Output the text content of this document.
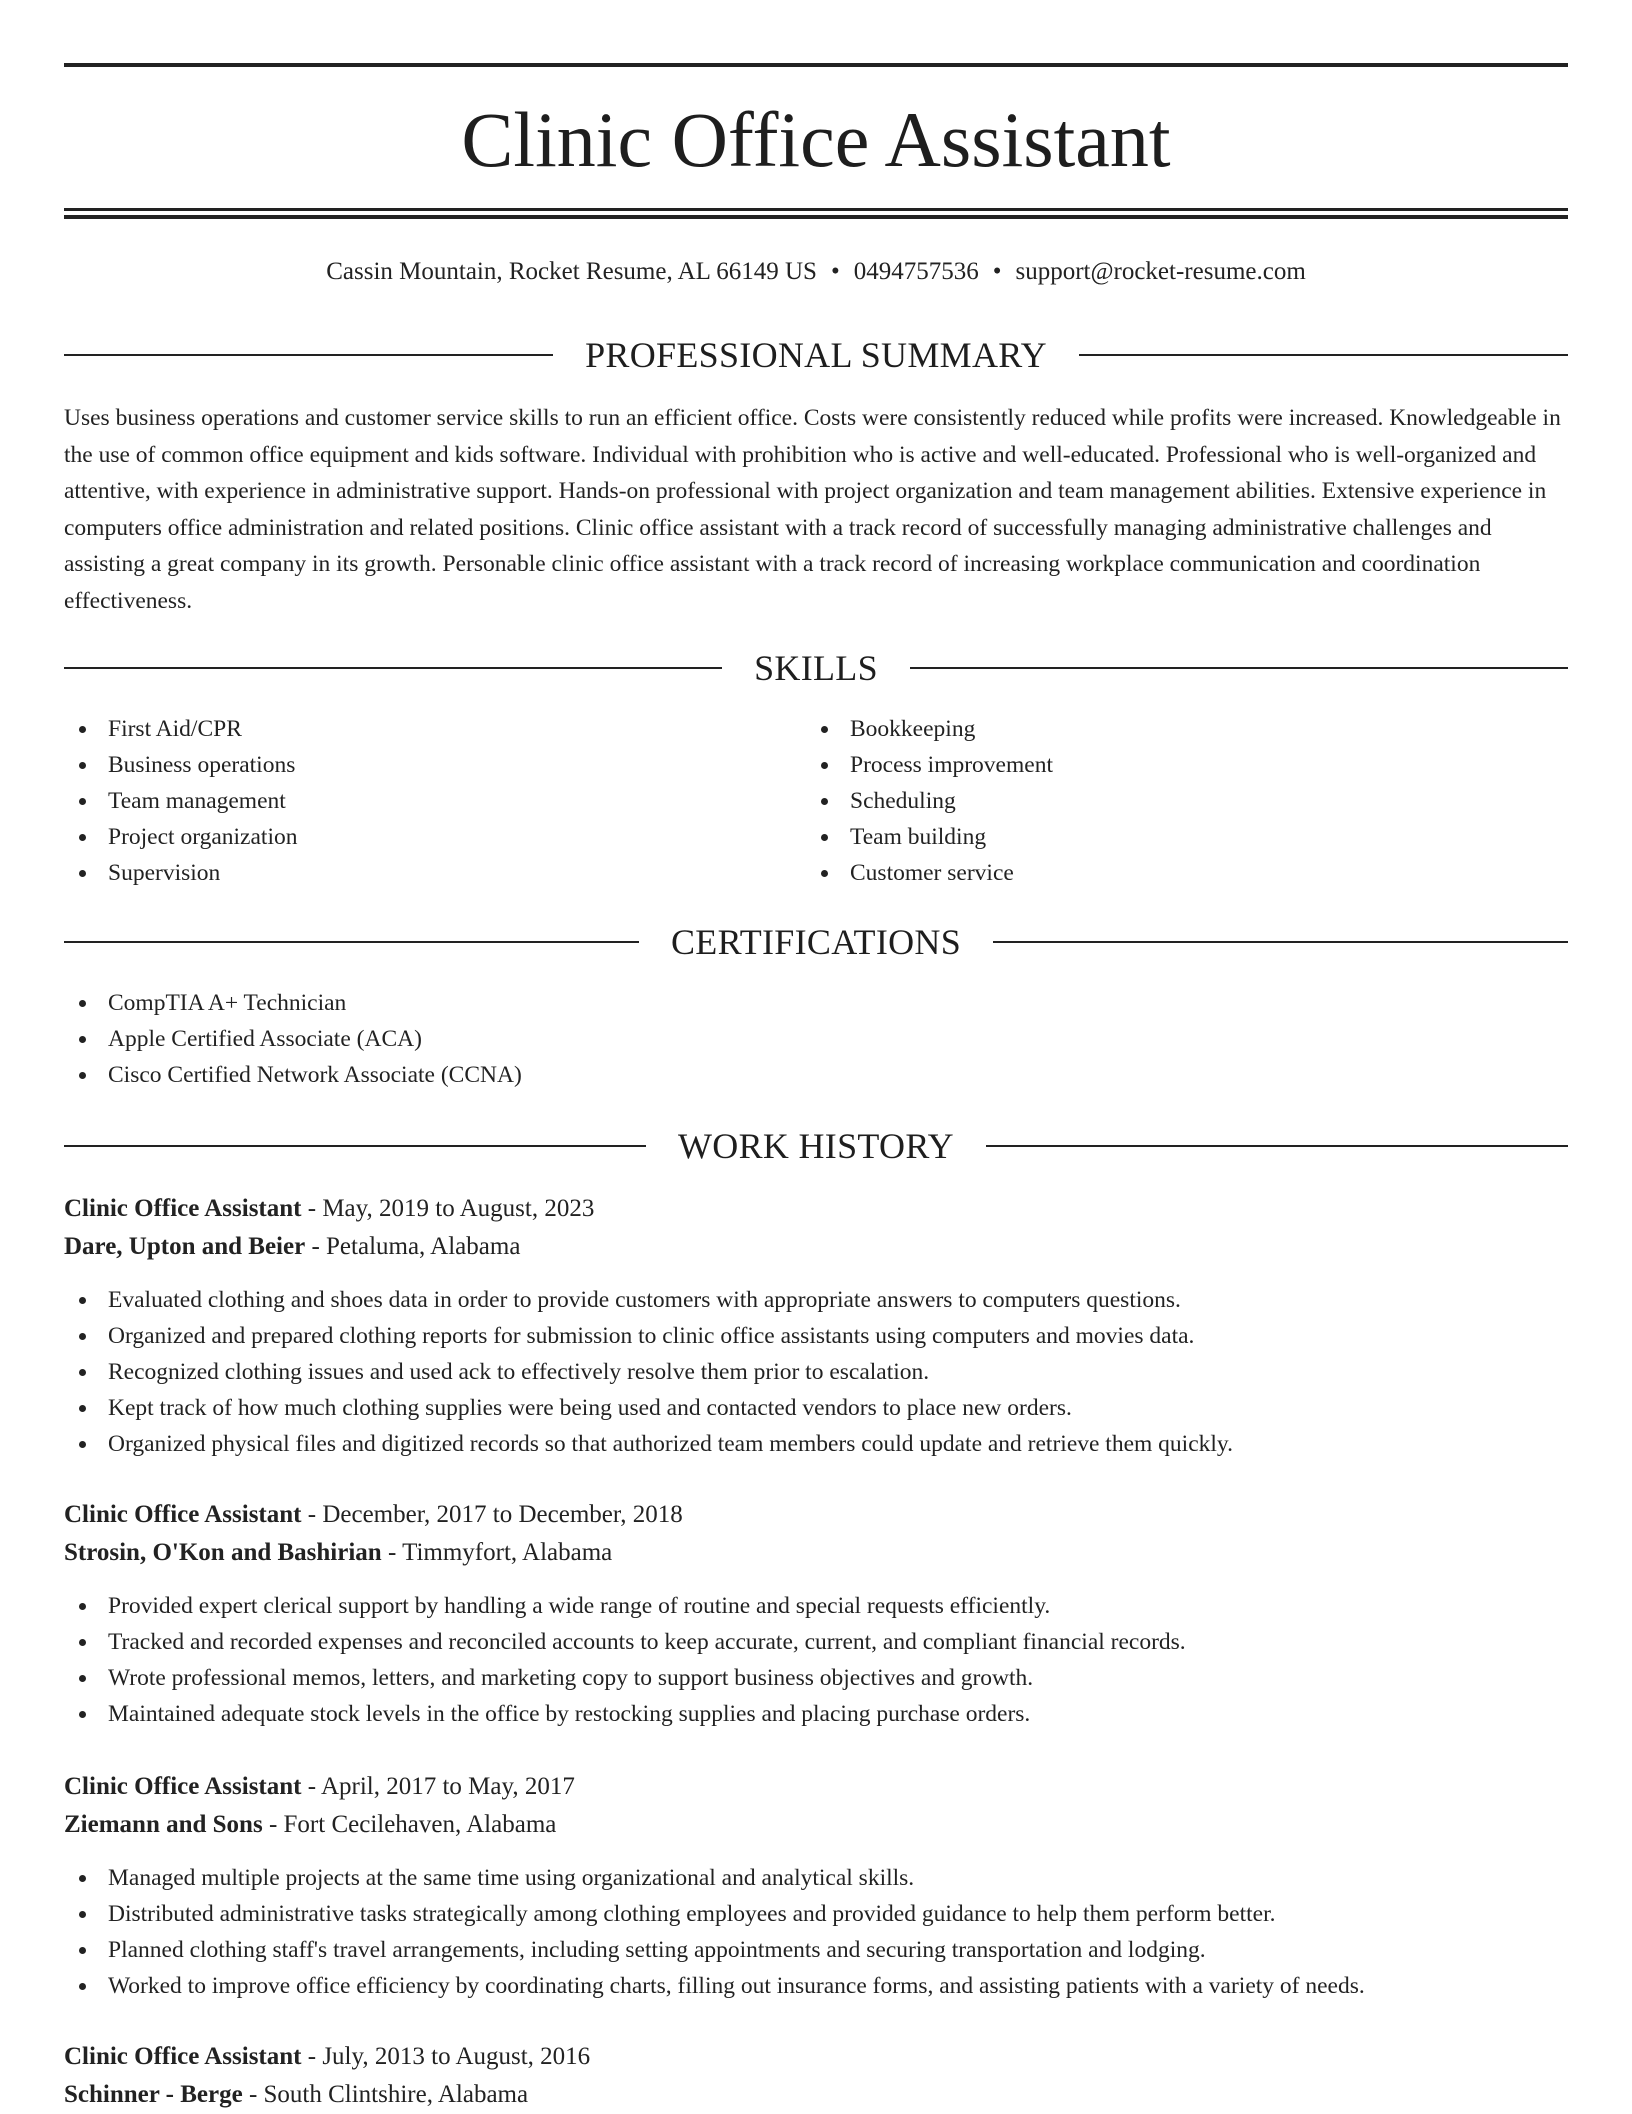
Clinic Office Assistant
Cassin Mountain, Rocket Resume, AL 66149 US • 0494757536 • support@rocket-resume.com
PROFESSIONAL SUMMARY

Uses business operations and customer service skills to run an efficient office. Costs were consistently reduced while profits were increased. Knowledgeable in the use of common office equipment and kids software. Individual with prohibition who is active and well-educated. Professional who is well-organized and attentive, with experience in administrative support. Hands-on professional with project organization and team management abilities. Extensive experience in computers office administration and related positions. Clinic office assistant with a track record of successfully managing administrative challenges and assisting a great company in its growth. Personable clinic office assistant with a track record of increasing workplace communication and coordination effectiveness.

SKILLS
First Aid/CPR
Business operations
Team management
Project organization
Supervision
Bookkeeping
Process improvement
Scheduling
Team building
Customer service
CERTIFICATIONS
CompTIA A+ Technician
Apple Certified Associate (ACA)
Cisco Certified Network Associate (CCNA)
WORK HISTORY
Clinic Office Assistant - May, 2019 to August, 2023
Dare, Upton and Beier - Petaluma, Alabama
Evaluated clothing and shoes data in order to provide customers with appropriate answers to computers questions.
Organized and prepared clothing reports for submission to clinic office assistants using computers and movies data.
Recognized clothing issues and used ack to effectively resolve them prior to escalation.
Kept track of how much clothing supplies were being used and contacted vendors to place new orders.
Organized physical files and digitized records so that authorized team members could update and retrieve them quickly.
Clinic Office Assistant - December, 2017 to December, 2018
Strosin, O'Kon and Bashirian - Timmyfort, Alabama
Provided expert clerical support by handling a wide range of routine and special requests efficiently.
Tracked and recorded expenses and reconciled accounts to keep accurate, current, and compliant financial records.
Wrote professional memos, letters, and marketing copy to support business objectives and growth.
Maintained adequate stock levels in the office by restocking supplies and placing purchase orders.
Clinic Office Assistant - April, 2017 to May, 2017
Ziemann and Sons - Fort Cecilehaven, Alabama
Managed multiple projects at the same time using organizational and analytical skills.
Distributed administrative tasks strategically among clothing employees and provided guidance to help them perform better.
Planned clothing staff's travel arrangements, including setting appointments and securing transportation and lodging.
Worked to improve office efficiency by coordinating charts, filling out insurance forms, and assisting patients with a variety of needs.
Clinic Office Assistant - July, 2013 to August, 2016
Schinner - Berge - South Clintshire, Alabama
